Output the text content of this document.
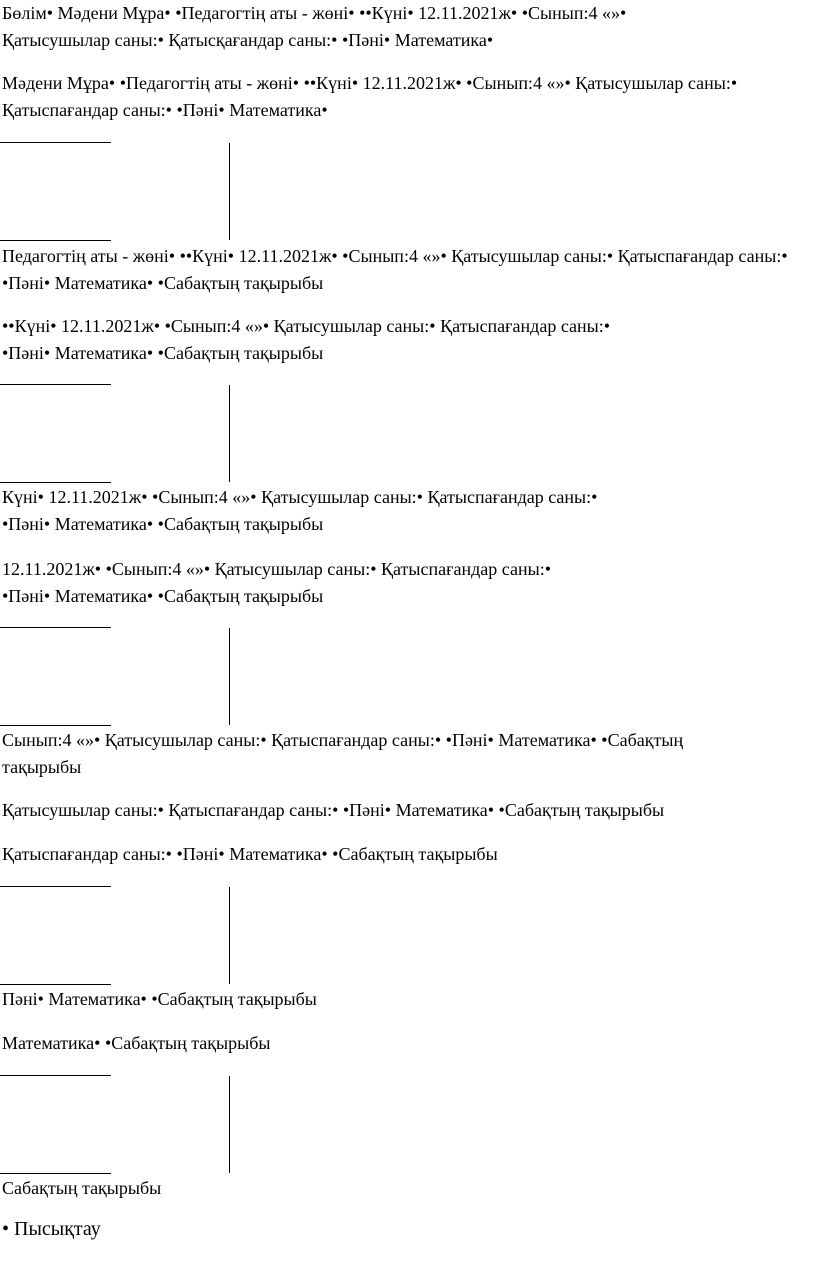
Бөлім• Мәдени Мұра• •Педагогтің аты - жөні• ••Күні• 12.11.2021ж• •Сынып:4 «»• Қатысушылар саны:• Қатысқағандар саны:• •Пәні• Математика•

Мәдени Мұра• •Педагогтің аты - жөні• ••Күні• 12.11.2021ж• •Сынып:4 «»• Қатысушылар саны:• Қатыспағандар саны:• •Пәні• Математика•

Педагогтің аты - жөні• ••Күні• 12.11.2021ж• •Сынып:4 «»• Қатысушылар саны:• Қатыспағандар саны:• •Пәні• Математика• •Сабақтың тақырыбы

••Күні• 12.11.2021ж• •Сынып:4 «»• Қатысушылар саны:• Қатыспағандар саны:• •Пәні• Математика• •Сабақтың тақырыбы

Күні• 12.11.2021ж• •Сынып:4 «»• Қатысушылар саны:• Қатыспағандар саны:• •Пәні• Математика• •Сабақтың тақырыбы

12.11.2021ж• •Сынып:4 «»• Қатысушылар саны:• Қатыспағандар саны:• •Пәні• Математика• •Сабақтың тақырыбы

Сынып:4 «»• Қатысушылар саны:• Қатыспағандар саны:• •Пәні• Математика• •Сабақтың тақырыбы

Қатысушылар саны:• Қатыспағандар саны:• •Пәні• Математика• •Сабақтың тақырыбы

Қатыспағандар саны:• •Пәні• Математика• •Сабақтың тақырыбы

Пәні• Математика• •Сабақтың тақырыбы

Математика• •Сабақтың тақырыбы

Сабақтың тақырыбы

• Пысықтау
